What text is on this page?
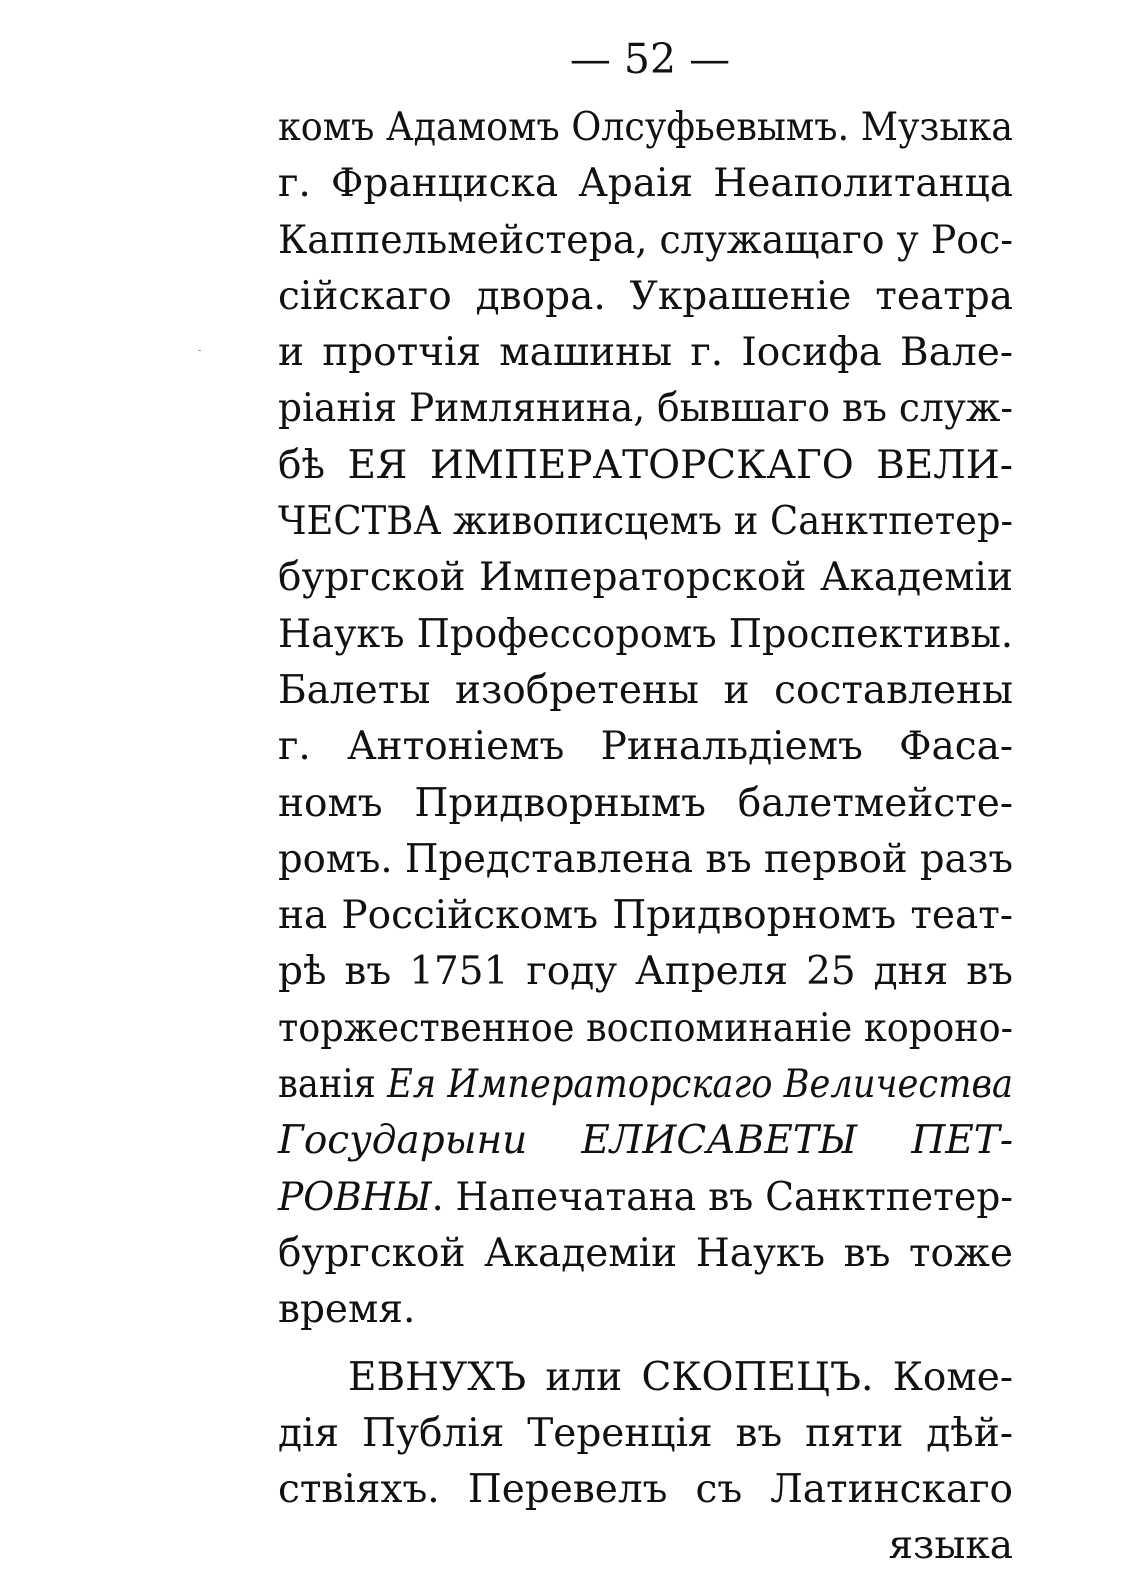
— 52 —
комъ Адамомъ Олсуфьевымъ. Музыка
г. Франциска Араія Неаполитанца
Каппельмейстера, служащаго у Рос-
сійскаго двора. Украшеніе театра
и протчія машины г. Іосифа Вале-
ріанія Римлянина, бывшаго въ служ-
бѣ ЕЯ ИМПЕРАТОРСКАГО ВЕЛИ-
ЧЕСТВА живописцемъ и Санктпетер-
бургской Императорской Академіи
Наукъ Профессоромъ Проспективы.
Балеты изобретены и составлены
г. Антоніемъ Ринальдіемъ Фаса-
номъ Придворнымъ балетмейсте-
ромъ. Представлена въ первой разъ
на Россійскомъ Придворномъ теат-
рѣ въ 1751 году Апреля 25 дня въ
торжественное воспоминаніе короно-
ванія Ея Императорскаго Величества
Государыни ЕЛИСАВЕТЫ ПЕТ-
РОВНЫ. Напечатана въ Санктпетер-
бургской Академіи Наукъ въ тоже
время.
ЕВНУХЪ или СКОПЕЦЪ. Коме-
дія Публія Теренція въ пяти дѣй-
ствіяхъ. Перевелъ съ Латинскаго
языка
